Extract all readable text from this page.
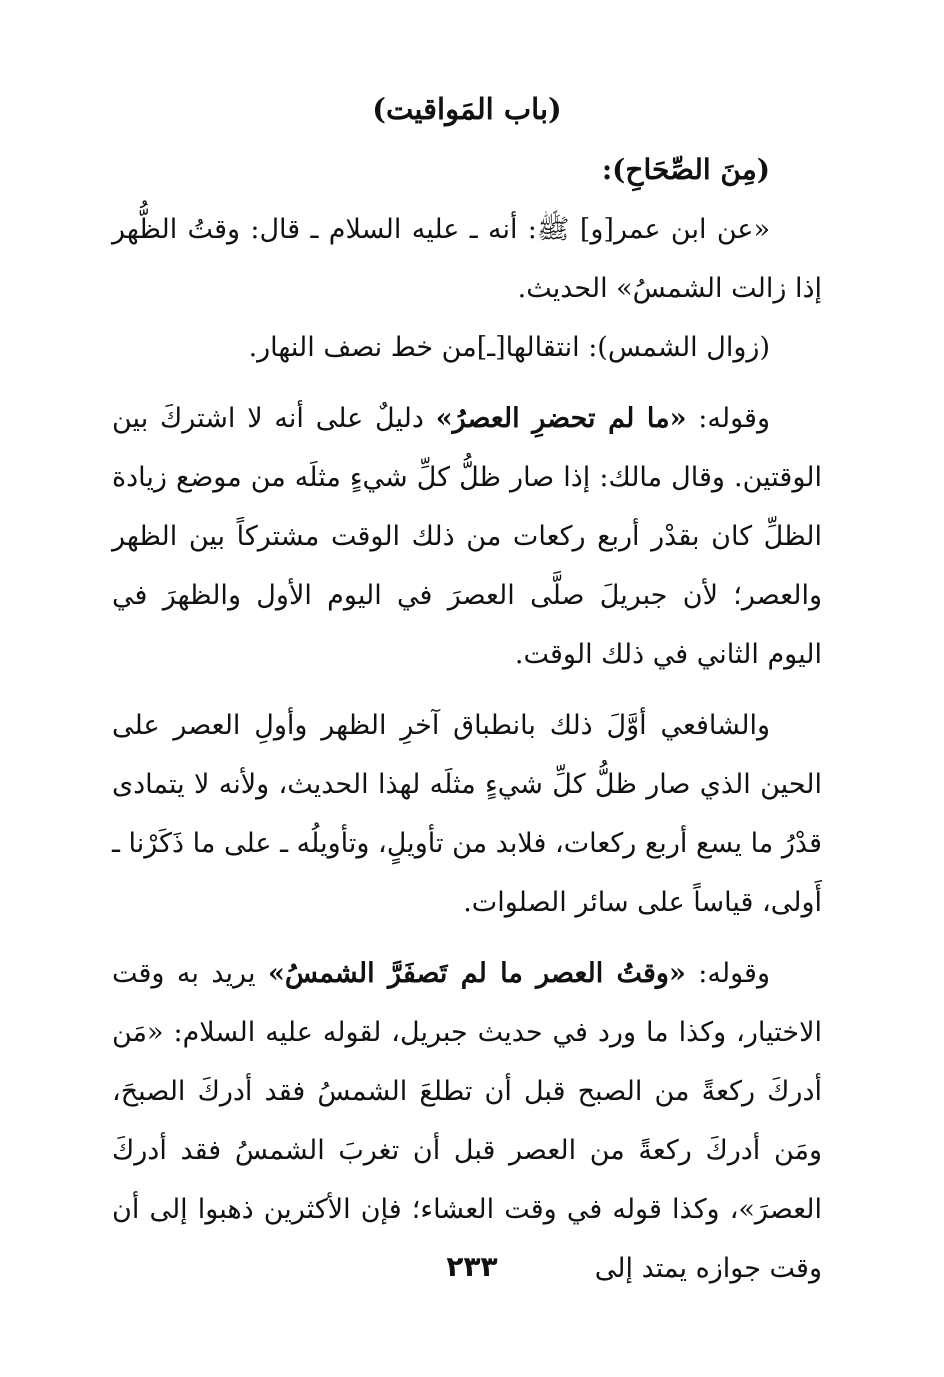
(باب المَواقيت)
(مِنَ الصِّحَاحِ):

«عن ابن عمر[و] ﷺ: أنه ـ عليه السلام ـ قال: وقتُ الظُّهر إذا زالت الشمسُ» الحديث.

(زوال الشمس): انتقالها[ـ]من خط نصف النهار.

وقوله: «ما لم تحضرِ العصرُ» دليلٌ على أنه لا اشتركَ بين الوقتين. وقال مالك: إذا صار ظلُّ كلِّ شيءٍ مثلَه من موضع زيادة الظلِّ كان بقدْر أربع ركعات من ذلك الوقت مشتركاً بين الظهر والعصر؛ لأن جبريلَ صلَّى العصرَ في اليوم الأول والظهرَ في اليوم الثاني في ذلك الوقت.

والشافعي أوَّلَ ذلك بانطباق آخرِ الظهر وأولِ العصر على الحين الذي صار ظلُّ كلِّ شيءٍ مثلَه لهذا الحديث، ولأنه لا يتمادى قدْرُ ما يسع أربع ركعات، فلابد من تأويلٍ، وتأويلُه ـ على ما ذَكَرْنا ـ أَولى، قياساً على سائر الصلوات.

وقوله: «وقتُ العصر ما لم تَصفَرَّ الشمسُ» يريد به وقت الاختيار، وكذا ما ورد في حديث جبريل، لقوله عليه السلام: «مَن أدركَ ركعةً من الصبح قبل أن تطلعَ الشمسُ فقد أدركَ الصبحَ، ومَن أدركَ ركعةً من العصر قبل أن تغربَ الشمسُ فقد أدركَ العصرَ»، وكذا قوله في وقت العشاء؛ فإن الأكثرين ذهبوا إلى أن وقت جوازه يمتد إلى

٢٣٣
